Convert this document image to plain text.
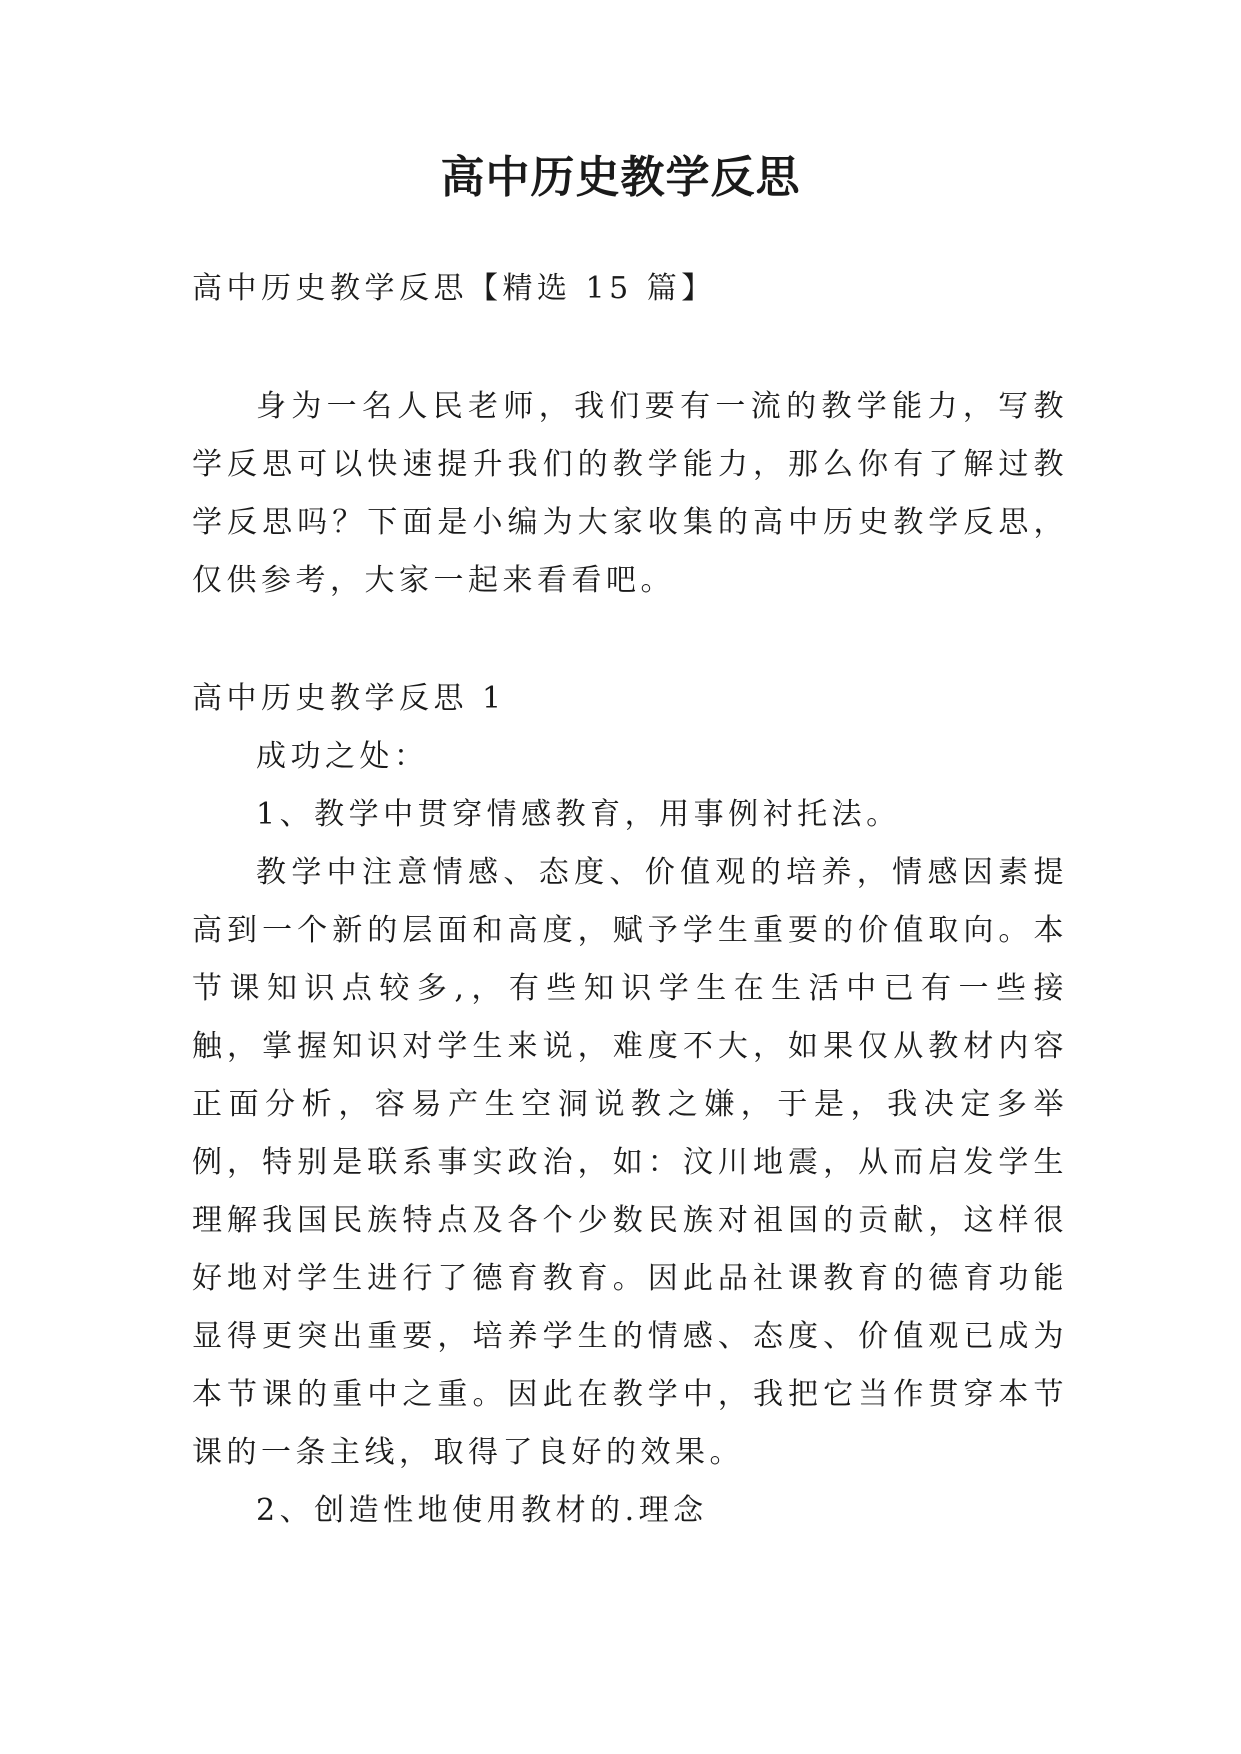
高中历史教学反思

高中历史教学反思【精选 15 篇】

身为一名人民老师，我们要有一流的教学能力，写教学反思可以快速提升我们的教学能力，那么你有了解过教学反思吗？下面是小编为大家收集的高中历史教学反思，仅供参考，大家一起来看看吧。

高中历史教学反思 1

成功之处：

1、教学中贯穿情感教育，用事例衬托法。

教学中注意情感、态度、价值观的培养，情感因素提高到一个新的层面和高度，赋予学生重要的价值取向。本节课知识点较多,，有些知识学生在生活中已有一些接触，掌握知识对学生来说，难度不大，如果仅从教材内容正面分析，容易产生空洞说教之嫌，于是，我决定多举例，特别是联系事实政治，如：汶川地震，从而启发学生理解我国民族特点及各个少数民族对祖国的贡献，这样很好地对学生进行了德育教育。因此品社课教育的德育功能显得更突出重要，培养学生的情感、态度、价值观已成为本节课的重中之重。因此在教学中，我把它当作贯穿本节课的一条主线，取得了良好的效果。

2、创造性地使用教材的.理念
